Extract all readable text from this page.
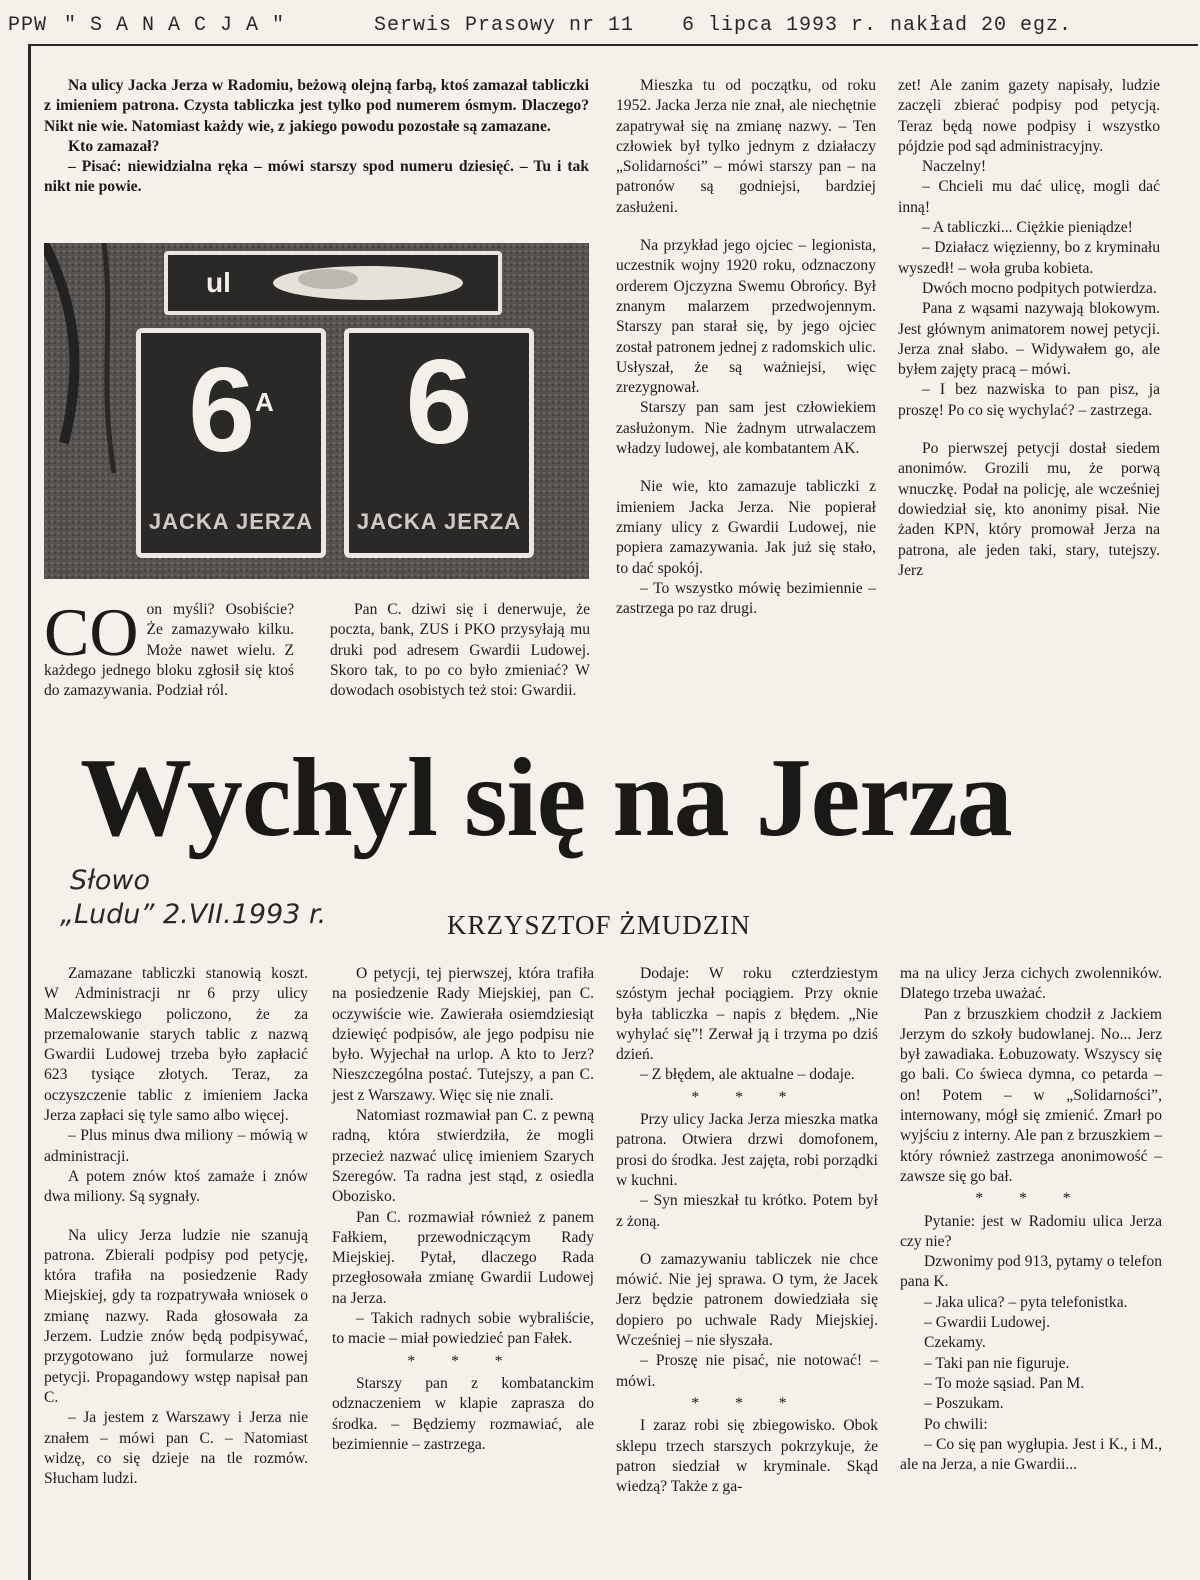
PPW " S A N A C J A "	Serwis Prasowy nr 11 6 lipca 1993 r. nakład 20 egz.

Na ulicy Jacka Jerza w Radomiu, beżową olejną farbą, ktoś zamazał tabliczki z imieniem patrona. Czysta tabliczka jest tylko pod numerem ósmym. Dlaczego? Nikt nie wie. Natomiast każdy wie, z jakiego powodu pozostałe są zamazane.

Kto zamazał?

– Pisać: niewidzialna ręka – mówi starszy spod numeru dziesięć. – Tu i tak nikt nie powie.

ul
$6^A$
JACKA JERZA
6
JACKA JERZA
CO on myśli? Osobiście? Że zamazywało kilku. Może nawet wielu. Z każdego jednego bloku zgłosił się ktoś do zamazywania. Podział ról.

Pan C. dziwi się i denerwuje, że poczta, bank, ZUS i PKO przysyłają mu druki pod adresem Gwardii Ludowej. Skoro tak, to po co było zmieniać? W dowodach osobistych też stoi: Gwardii.

Mieszka tu od początku, od roku 1952. Jacka Jerza nie znał, ale niechętnie zapatrywał się na zmianę nazwy. – Ten człowiek był tylko jednym z działaczy „Solidarności” – mówi starszy pan – na patronów są godniejsi, bardziej zasłużeni.

Na przykład jego ojciec – legionista, uczestnik wojny 1920 roku, odznaczony orderem Ojczyzna Swemu Obrońcy. Był znanym malarzem przedwojennym. Starszy pan starał się, by jego ojciec został patronem jednej z radomskich ulic. Usłyszał, że są ważniejsi, więc zrezygnował.

Starszy pan sam jest człowiekiem zasłużonym. Nie żadnym utrwalaczem władzy ludowej, ale kombatantem AK.

Nie wie, kto zamazuje tabliczki z imieniem Jacka Jerza. Nie popierał zmiany ulicy z Gwardii Ludowej, nie popiera zamazywania. Jak już się stało, to dać spokój.

– To wszystko mówię bezimiennie – zastrzega po raz drugi.

zet! Ale zanim gazety napisały, ludzie zaczęli zbierać podpisy pod petycją. Teraz będą nowe podpisy i wszystko pójdzie pod sąd administracyjny.

Naczelny!

– Chcieli mu dać ulicę, mogli dać inną!

– A tabliczki... Ciężkie pieniądze!

– Działacz więzienny, bo z kryminału wyszedł! – woła gruba kobieta.

Dwóch mocno podpitych potwierdza.

Pana z wąsami nazywają blokowym. Jest głównym animatorem nowej petycji. Jerza znał słabo. – Widywałem go, ale byłem zajęty pracą – mówi.

– I bez nazwiska to pan pisz, ja proszę! Po co się wychylać? – zastrzega.

Po pierwszej petycji dostał siedem anonimów. Grozili mu, że porwą wnuczkę. Podał na policję, ale wcześniej dowiedział się, kto anonimy pisał. Nie żaden KPN, który promował Jerza na patrona, ale jeden taki, stary, tutejszy. Jerz

Wychyl się na Jerza
Słowo
„Ludu” 2.VII.1993 r.	KRZYSZTOF ŻMUDZIN

Zamazane tabliczki stanowią koszt. W Administracji nr 6 przy ulicy Malczewskiego policzono, że za przemalowanie starych tablic z nazwą Gwardii Ludowej trzeba było zapłacić 623 tysiące złotych. Teraz, za oczyszczenie tablic z imieniem Jacka Jerza zapłaci się tyle samo albo więcej.

– Plus minus dwa miliony – mówią w administracji.

A potem znów ktoś zamaże i znów dwa miliony. Są sygnały.

Na ulicy Jerza ludzie nie szanują patrona. Zbierali podpisy pod petycję, która trafiła na posiedzenie Rady Miejskiej, gdy ta rozpatrywała wniosek o zmianę nazwy. Rada głosowała za Jerzem. Ludzie znów będą podpisywać, przygotowano już formularze nowej petycji. Propagandowy wstęp napisał pan C.

– Ja jestem z Warszawy i Jerza nie znałem – mówi pan C. – Natomiast widzę, co się dzieje na tle rozmów. Słucham ludzi.

O petycji, tej pierwszej, która trafiła na posiedzenie Rady Miejskiej, pan C. oczywiście wie. Zawierała osiemdziesiąt dziewięć podpisów, ale jego podpisu nie było. Wyjechał na urlop. A kto to Jerz? Nieszczególna postać. Tutejszy, a pan C. jest z Warszawy. Więc się nie znali.

Natomiast rozmawiał pan C. z pewną radną, która stwierdziła, że mogli przecież nazwać ulicę imieniem Szarych Szeregów. Ta radna jest stąd, z osiedla Obozisko.

Pan C. rozmawiał również z panem Fałkiem, przewodniczącym Rady Miejskiej. Pytał, dlaczego Rada przegłosowała zmianę Gwardii Ludowej na Jerza.

– Takich radnych sobie wybraliście, to macie – miał powiedzieć pan Fałek.

* * *

Starszy pan z kombatanckim odznaczeniem w klapie zaprasza do środka. – Będziemy rozmawiać, ale bezimiennie – zastrzega.

Dodaje: W roku czterdziestym szóstym jechał pociągiem. Przy oknie była tabliczka – napis z błędem. „Nie wyhylać się”! Zerwał ją i trzyma po dziś dzień.

– Z błędem, ale aktualne – dodaje.

* * *

Przy ulicy Jacka Jerza mieszka matka patrona. Otwiera drzwi domofonem, prosi do środka. Jest zajęta, robi porządki w kuchni.

– Syn mieszkał tu krótko. Potem był z żoną.

O zamazywaniu tabliczek nie chce mówić. Nie jej sprawa. O tym, że Jacek Jerz będzie patronem dowiedziała się dopiero po uchwale Rady Miejskiej. Wcześniej – nie słyszała.

– Proszę nie pisać, nie notować! – mówi.

* * *

I zaraz robi się zbiegowisko. Obok sklepu trzech starszych pokrzykuje, że patron siedział w kryminale. Skąd wiedzą? Także z ga-

ma na ulicy Jerza cichych zwolenników. Dlatego trzeba uważać.

Pan z brzuszkiem chodził z Jackiem Jerzym do szkoły budowlanej. No... Jerz był zawadiaka. Łobuzowaty. Wszyscy się go bali. Co świeca dymna, co petarda – on! Potem – w „Solidarności”, internowany, mógł się zmienić. Zmarł po wyjściu z interny. Ale pan z brzuszkiem – który również zastrzega anonimowość – zawsze się go bał.

* * *

Pytanie: jest w Radomiu ulica Jerza czy nie?

Dzwonimy pod 913, pytamy o telefon pana K.

– Jaka ulica? – pyta telefonistka.

– Gwardii Ludowej.

Czekamy.

– Taki pan nie figuruje.

– To może sąsiad. Pan M.

– Poszukam.

Po chwili:

– Co się pan wygłupia. Jest i K., i M., ale na Jerza, a nie Gwardii...
